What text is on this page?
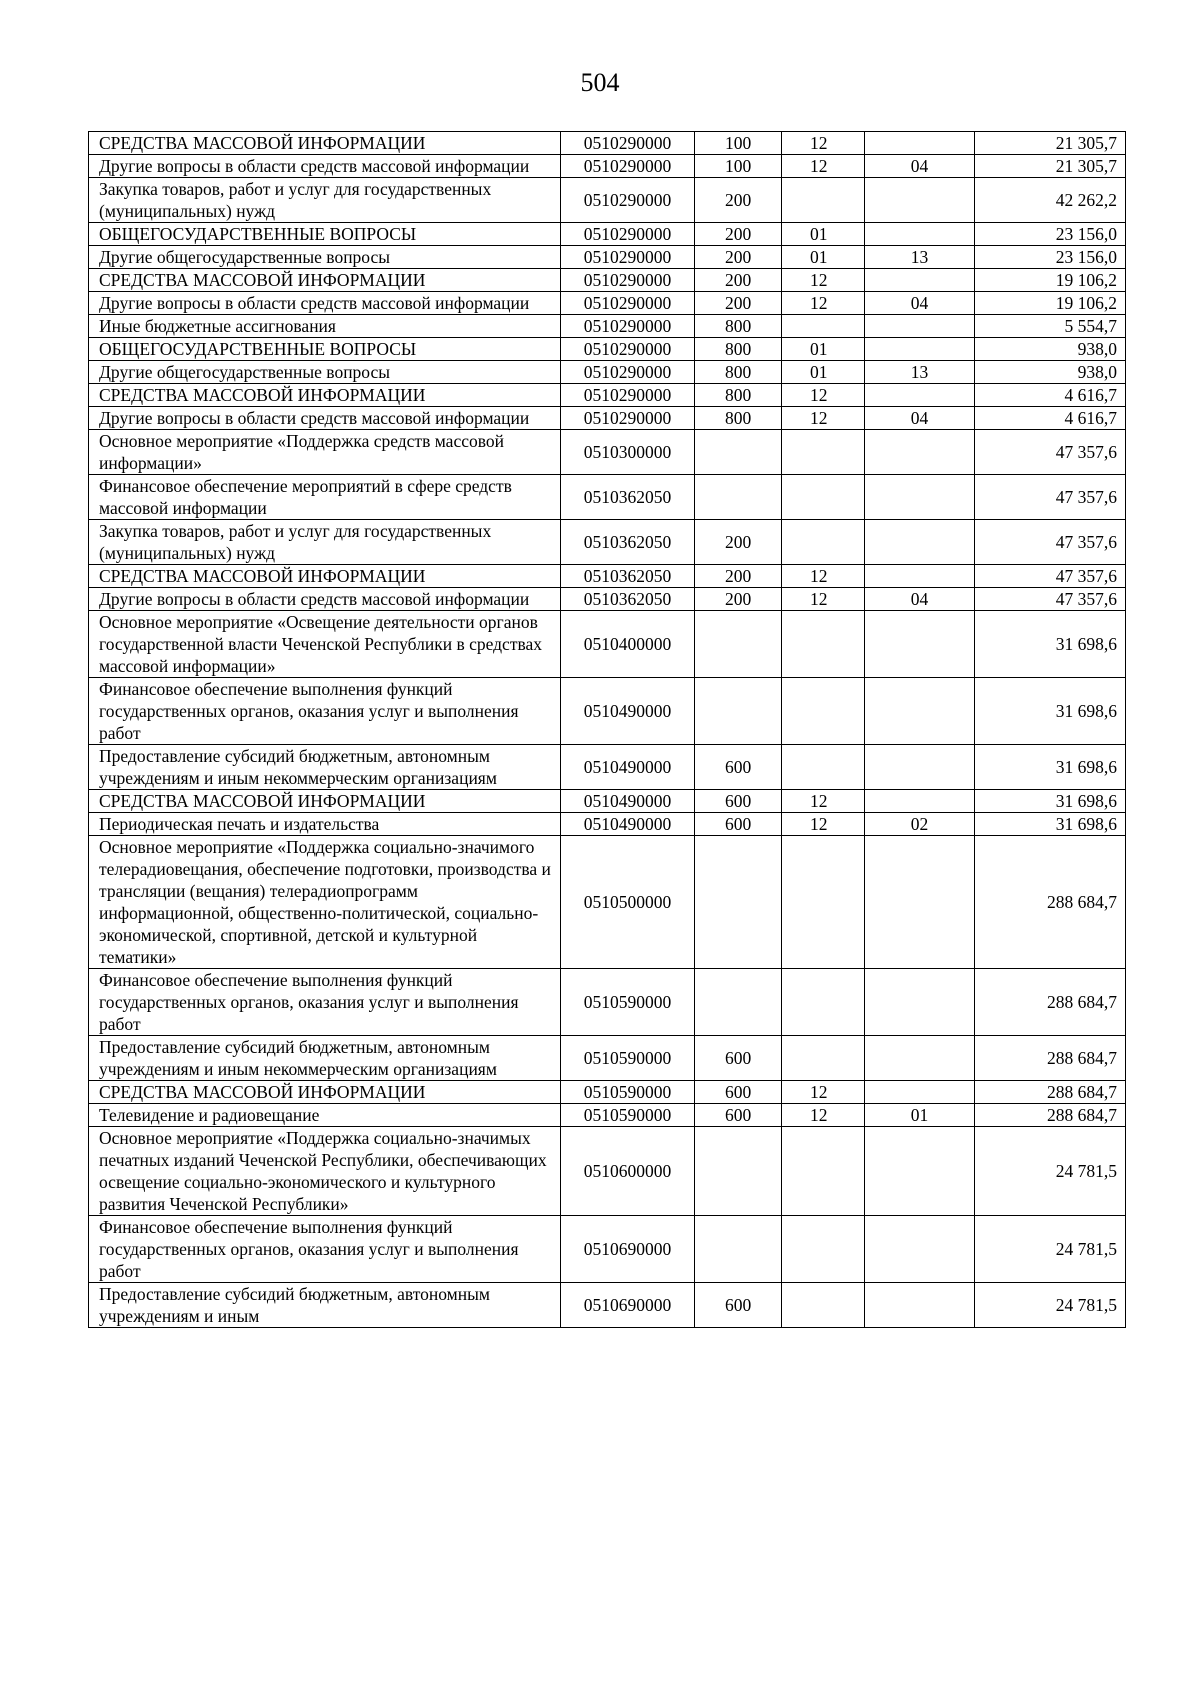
504
СРЕДСТВА МАССОВОЙ ИНФОРМАЦИИ	0510290000	100	12		21 305,7
Другие вопросы в области средств массовой информации	0510290000	100	12	04	21 305,7
Закупка товаров, работ и услуг для государственных (муниципальных) нужд	0510290000	200			42 262,2
ОБЩЕГОСУДАРСТВЕННЫЕ ВОПРОСЫ	0510290000	200	01		23 156,0
Другие общегосударственные вопросы	0510290000	200	01	13	23 156,0
СРЕДСТВА МАССОВОЙ ИНФОРМАЦИИ	0510290000	200	12		19 106,2
Другие вопросы в области средств массовой информации	0510290000	200	12	04	19 106,2
Иные бюджетные ассигнования	0510290000	800			5 554,7
ОБЩЕГОСУДАРСТВЕННЫЕ ВОПРОСЫ	0510290000	800	01		938,0
Другие общегосударственные вопросы	0510290000	800	01	13	938,0
СРЕДСТВА МАССОВОЙ ИНФОРМАЦИИ	0510290000	800	12		4 616,7
Другие вопросы в области средств массовой информации	0510290000	800	12	04	4 616,7
Основное мероприятие «Поддержка средств массовой информации»	0510300000				47 357,6
Финансовое обеспечение мероприятий в сфере средств массовой информации	0510362050				47 357,6
Закупка товаров, работ и услуг для государственных (муниципальных) нужд	0510362050	200			47 357,6
СРЕДСТВА МАССОВОЙ ИНФОРМАЦИИ	0510362050	200	12		47 357,6
Другие вопросы в области средств массовой информации	0510362050	200	12	04	47 357,6
Основное мероприятие «Освещение деятельности органов государственной власти Чеченской Республики в средствах массовой информации»	0510400000				31 698,6
Финансовое обеспечение выполнения функций государственных органов, оказания услуг и выполнения работ	0510490000				31 698,6
Предоставление субсидий бюджетным, автономным учреждениям и иным некоммерческим организациям	0510490000	600			31 698,6
СРЕДСТВА МАССОВОЙ ИНФОРМАЦИИ	0510490000	600	12		31 698,6
Периодическая печать и издательства	0510490000	600	12	02	31 698,6
Основное мероприятие «Поддержка социально-значимого телерадиовещания, обеспечение подготовки, производства и трансляции (вещания) телерадиопрограмм информационной, общественно-политической, социально-экономической, спортивной, детской и культурной тематики»	0510500000				288 684,7
Финансовое обеспечение выполнения функций государственных органов, оказания услуг и выполнения работ	0510590000				288 684,7
Предоставление субсидий бюджетным, автономным учреждениям и иным некоммерческим организациям	0510590000	600			288 684,7
СРЕДСТВА МАССОВОЙ ИНФОРМАЦИИ	0510590000	600	12		288 684,7
Телевидение и радиовещание	0510590000	600	12	01	288 684,7
Основное мероприятие «Поддержка социально-значимых печатных изданий Чеченской Республики, обеспечивающих освещение социально-экономического и культурного развития Чеченской Республики»	0510600000				24 781,5
Финансовое обеспечение выполнения функций государственных органов, оказания услуг и выполнения работ	0510690000				24 781,5
Предоставление субсидий бюджетным, автономным учреждениям и иным	0510690000	600			24 781,5
